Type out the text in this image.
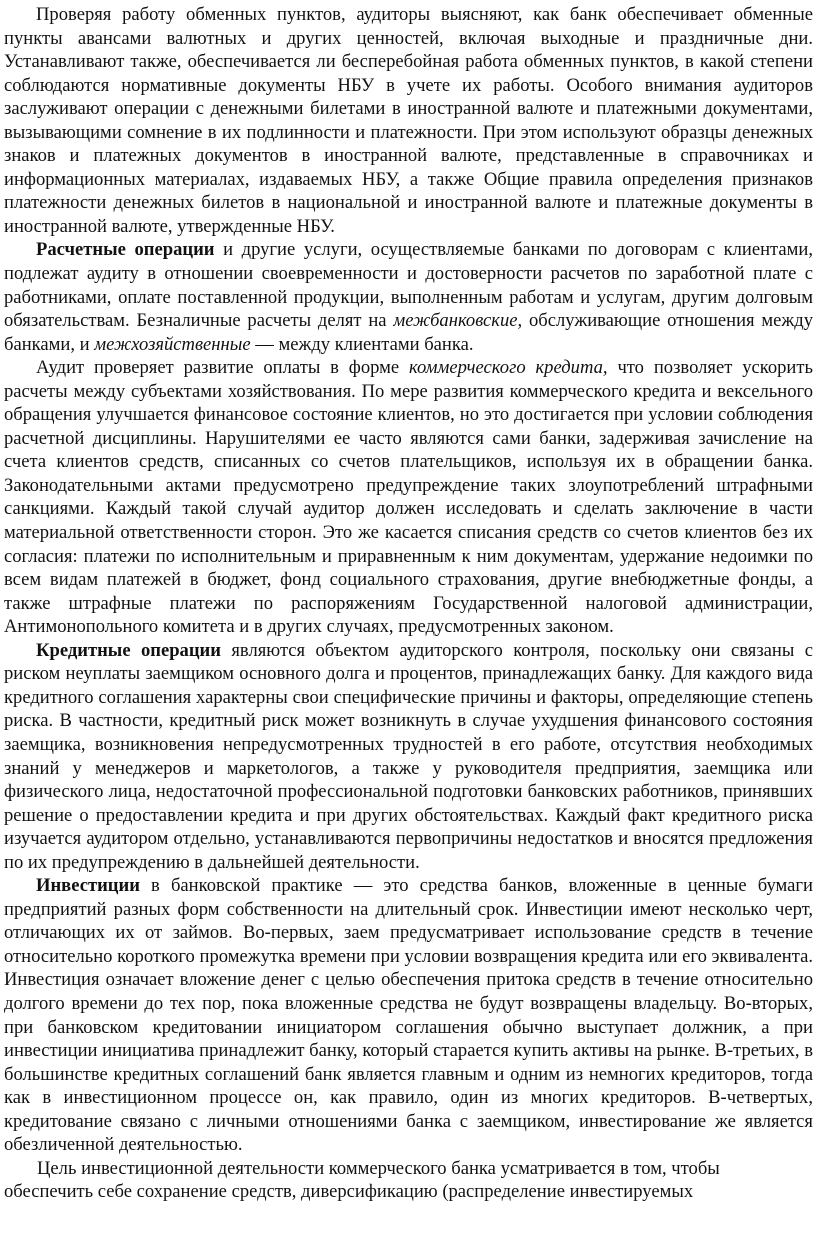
Проверяя работу обменных пунктов, аудиторы выясняют, как банк обеспечивает обменные пункты авансами валютных и других ценностей, включая выходные и праздничные дни. Устанавливают также, обеспечивается ли бесперебойная работа обменных пунктов, в какой степени соблюдаются нормативные документы НБУ в учете их работы. Особого внимания аудиторов заслуживают операции с денежными билетами в иностранной валюте и платежными документами, вызывающими сомнение в их подлинности и платежности. При этом используют образцы денежных знаков и платежных документов в иностранной валюте, представленные в справочниках и информационных материалах, издаваемых НБУ, а также Общие правила определения признаков платежности денежных билетов в национальной и иностранной валюте и платежные документы в иностранной валюте, утвержденные НБУ.

Расчетные операции и другие услуги, осуществляемые банками по договорам с клиентами, подлежат аудиту в отношении своевременности и достоверности расчетов по заработной плате с работниками, оплате поставленной продукции, выполненным работам и услугам, другим долговым обязательствам. Безналичные расчеты делят на межбанковские, обслуживающие отношения между банками, и межхозяйственные — между клиентами банка.

Аудит проверяет развитие оплаты в форме коммерческого кредита, что позволяет ускорить расчеты между субъектами хозяйствования. По мере развития коммерческого кредита и вексельного обращения улучшается финансовое состояние клиентов, но это достигается при условии соблюдения расчетной дисциплины. Нарушителями ее часто являются сами банки, задерживая зачисление на счета клиентов средств, списанных со счетов плательщиков, используя их в обращении банка. Законодательными актами предусмотрено предупреждение таких злоупотреблений штрафными санкциями. Каждый такой случай аудитор должен исследовать и сделать заключение в части материальной ответственности сторон. Это же касается списания средств со счетов клиентов без их согласия: платежи по исполнительным и приравненным к ним документам, удержание недоимки по всем видам платежей в бюджет, фонд социального страхования, другие внебюджетные фонды, а также штрафные платежи по распоряжениям Государственной налоговой администрации, Антимонопольного комитета и в других случаях, предусмотренных законом.

Кредитные операции являются объектом аудиторского контроля, поскольку они связаны с риском неуплаты заемщиком основного долга и процентов, принадлежащих банку. Для каждого вида кредитного соглашения характерны свои специфические причины и факторы, определяющие степень риска. В частности, кредитный риск может возникнуть в случае ухудшения финансового состояния заемщика, возникновения непредусмотренных трудностей в его работе, отсутствия необходимых знаний у менеджеров и маркетологов, а также у руководителя предприятия, заемщика или физического лица, недостаточной профессиональной подготовки банковских работников, принявших решение о предоставлении кредита и при других обстоятельствах. Каждый факт кредитного риска изучается аудитором отдельно, устанавливаются первопричины недостатков и вносятся предложения по их предупреждению в дальнейшей деятельности.

Инвестиции в банковской практике — это средства банков, вложенные в ценные бумаги предприятий разных форм собственности на длительный срок. Инвестиции имеют несколько черт, отличающих их от займов. Во-первых, заем предусматривает использование средств в течение относительно короткого промежутка времени при условии возвращения кредита или его эквивалента. Инвестиция означает вложение денег с целью обеспечения притока средств в течение относительно долгого времени до тех пор, пока вложенные средства не будут возвращены владельцу. Во-вторых, при банковском кредитовании инициатором соглашения обычно выступает должник, а при инвестиции инициатива принадлежит банку, который старается купить активы на рынке. В-третьих, в большинстве кредитных соглашений банк является главным и одним из немногих кредиторов, тогда как в инвестиционном процессе он, как правило, один из многих кредиторов. В-четвертых, кредитование связано с личными отношениями банка с заемщиком, инвестирование же является обезличенной деятельностью.

Цель инвестиционной деятельности коммерческого банка усматривается в том, чтобы обеспечить себе сохранение средств, диверсификацию (распределение инвестируемых
